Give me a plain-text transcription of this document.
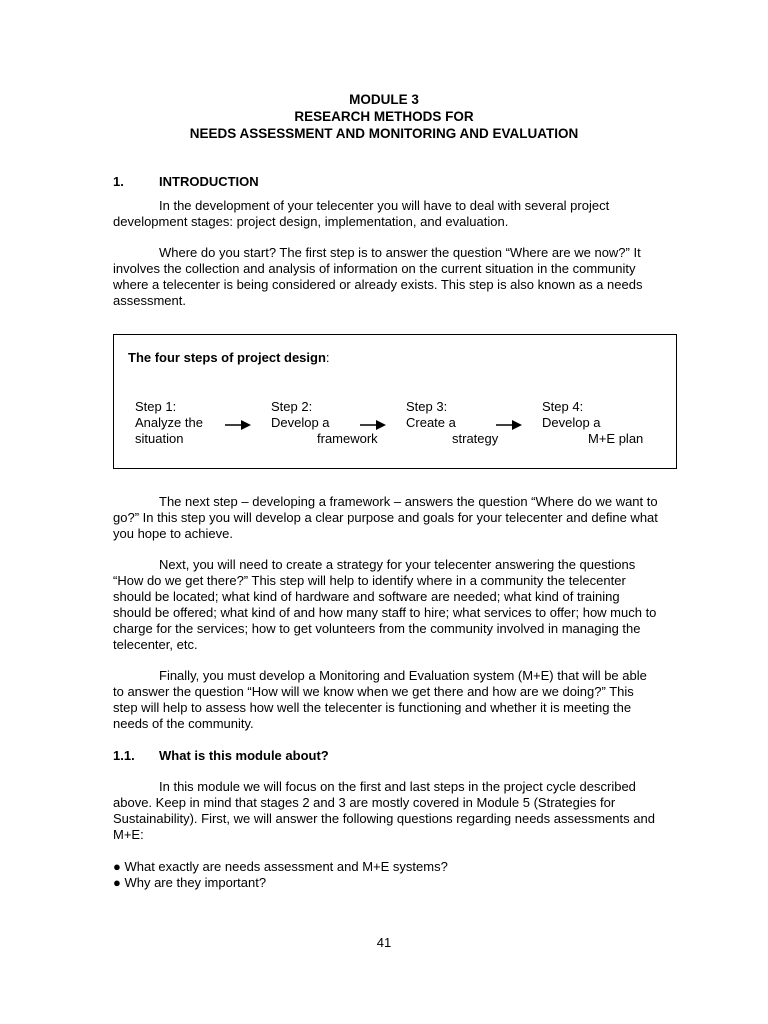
MODULE 3
RESEARCH METHODS FOR
NEEDS ASSESSMENT AND MONITORING AND EVALUATION
1.	INTRODUCTION

In the development of your telecenter you will have to deal with several project development stages: project design, implementation, and evaluation.

Where do you start? The first step is to answer the question “Where are we now?” It involves the collection and analysis of information on the current situation in the community where a telecenter is being considered or already exists. This step is also known as a needs assessment.

The four steps of project design:
Step 1:
Analyze the
situation
Step 2:
Develop a
framework
Step 3:
Create a
strategy
Step 4:
Develop a
M+E plan

The next step – developing a framework – answers the question “Where do we want to go?” In this step you will develop a clear purpose and goals for your telecenter and define what you hope to achieve.

Next, you will need to create a strategy for your telecenter answering the questions “How do we get there?” This step will help to identify where in a community the telecenter should be located; what kind of hardware and software are needed; what kind of training should be offered; what kind of and how many staff to hire; what services to offer; how much to charge for the services; how to get volunteers from the community involved in managing the telecenter, etc.

Finally, you must develop a Monitoring and Evaluation system (M+E) that will be able to answer the question “How will we know when we get there and how are we doing?” This step will help to assess how well the telecenter is functioning and whether it is meeting the needs of the community.

1.1. What is this module about?

In this module we will focus on the first and last steps in the project cycle described above. Keep in mind that stages 2 and 3 are mostly covered in Module 5 (Strategies for Sustainability). First, we will answer the following questions regarding needs assessments and M+E:

● What exactly are needs assessment and M+E systems?
● Why are they important?
41
